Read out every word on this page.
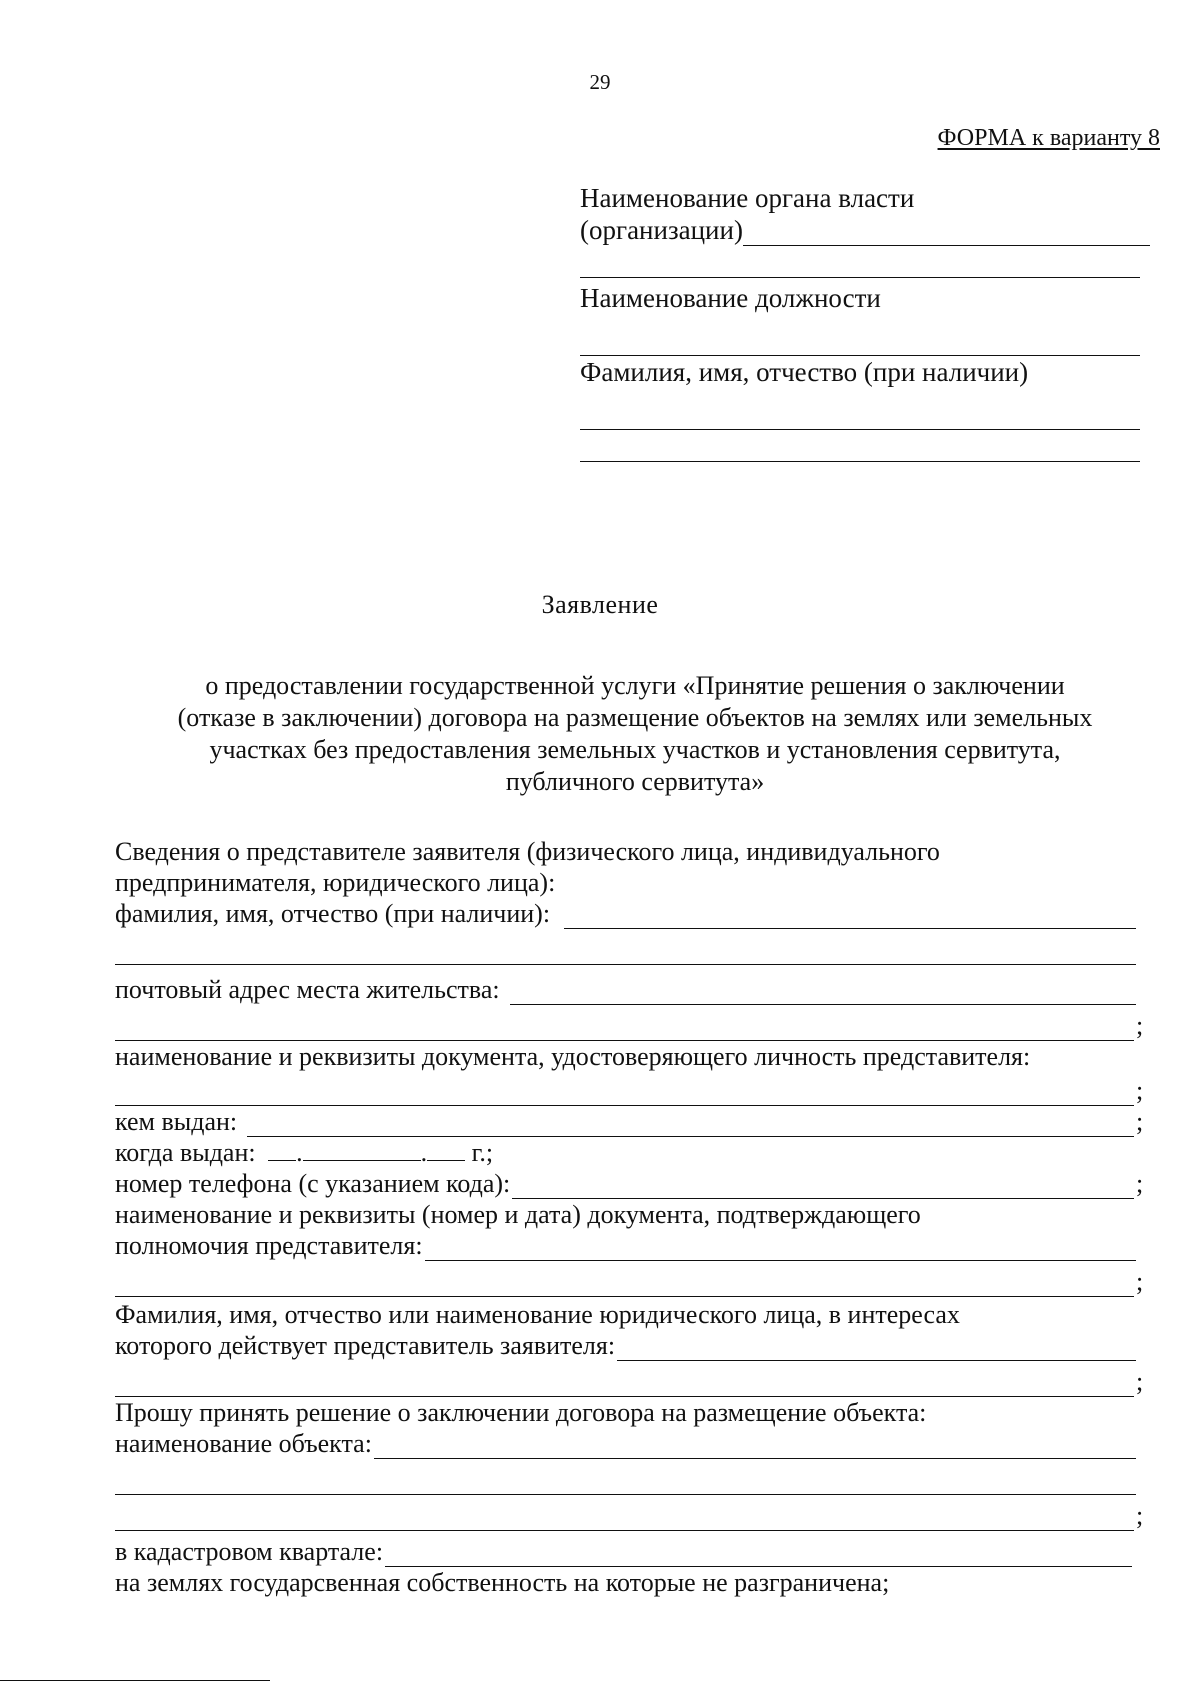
29
ФОРМА к варианту 8
Наименование органа власти
(организации)
Наименование должности
Фамилия, имя, отчество (при наличии)
Заявление
о предоставлении государственной услуги «Принятие решения о заключении
(отказе в заключении) договора на размещение объектов на землях или земельных
участках без предоставления земельных участков и установления сервитута,
публичного сервитута»
Сведения о представителе заявителя (физического лица, индивидуального
предпринимателя, юридического лица):
фамилия, имя, отчество (при наличии):
почтовый адрес места жительства:
;
наименование и реквизиты документа, удостоверяющего личность представителя:
;
кем выдан:	;
когда выдан: .	. г.;
номер телефона (с указанием кода):	;
наименование и реквизиты (номер и дата) документа, подтверждающего
полномочия представителя:
;
Фамилия, имя, отчество или наименование юридического лица, в интересах
которого действует представитель заявителя:
;
Прошу принять решение о заключении договора на размещение объекта:
наименование объекта:
;
в кадастровом квартале:
на землях государсвенная собственность на которые не разграничена;
